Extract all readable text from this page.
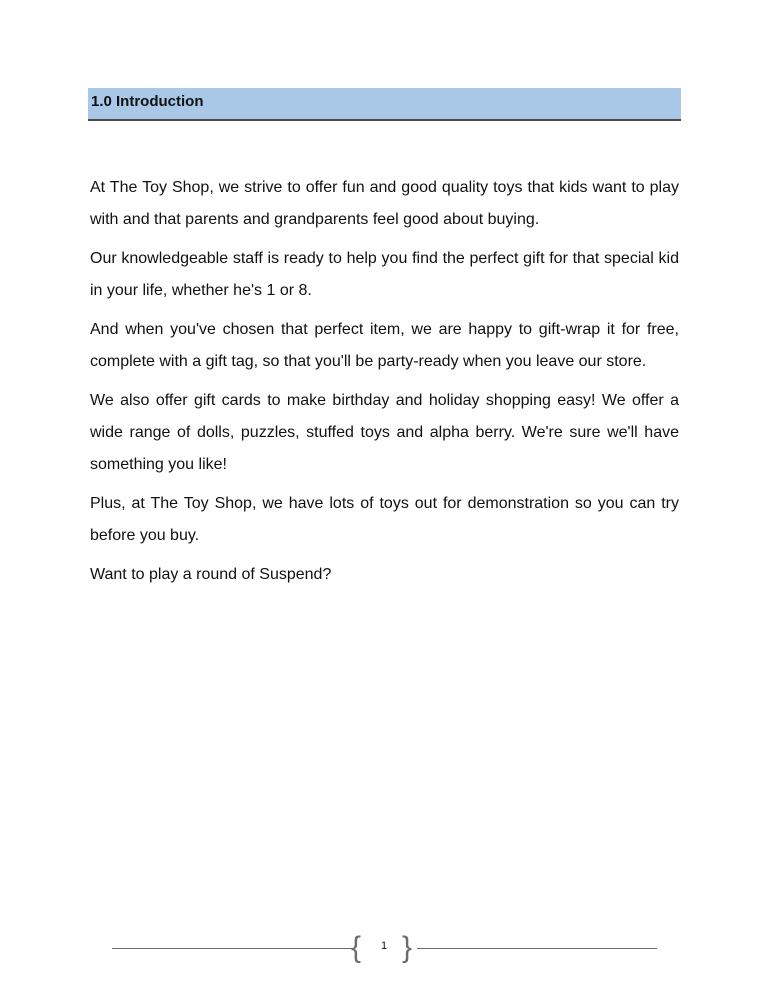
1.0 Introduction

At The Toy Shop, we strive to offer fun and good quality toys that kids want to play with and that parents and grandparents feel good about buying.

Our knowledgeable staff is ready to help you find the perfect gift for that special kid in your life, whether he's 1 or 8.

And when you've chosen that perfect item, we are happy to gift-wrap it for free, complete with a gift tag, so that you'll be party-ready when you leave our store.

We also offer gift cards to make birthday and holiday shopping easy! We offer a wide range of dolls, puzzles, stuffed toys and alpha berry. We're sure we'll have something you like!

Plus, at The Toy Shop, we have lots of toys out for demonstration so you can try before you buy.

Want to play a round of Suspend?

{	1 }
